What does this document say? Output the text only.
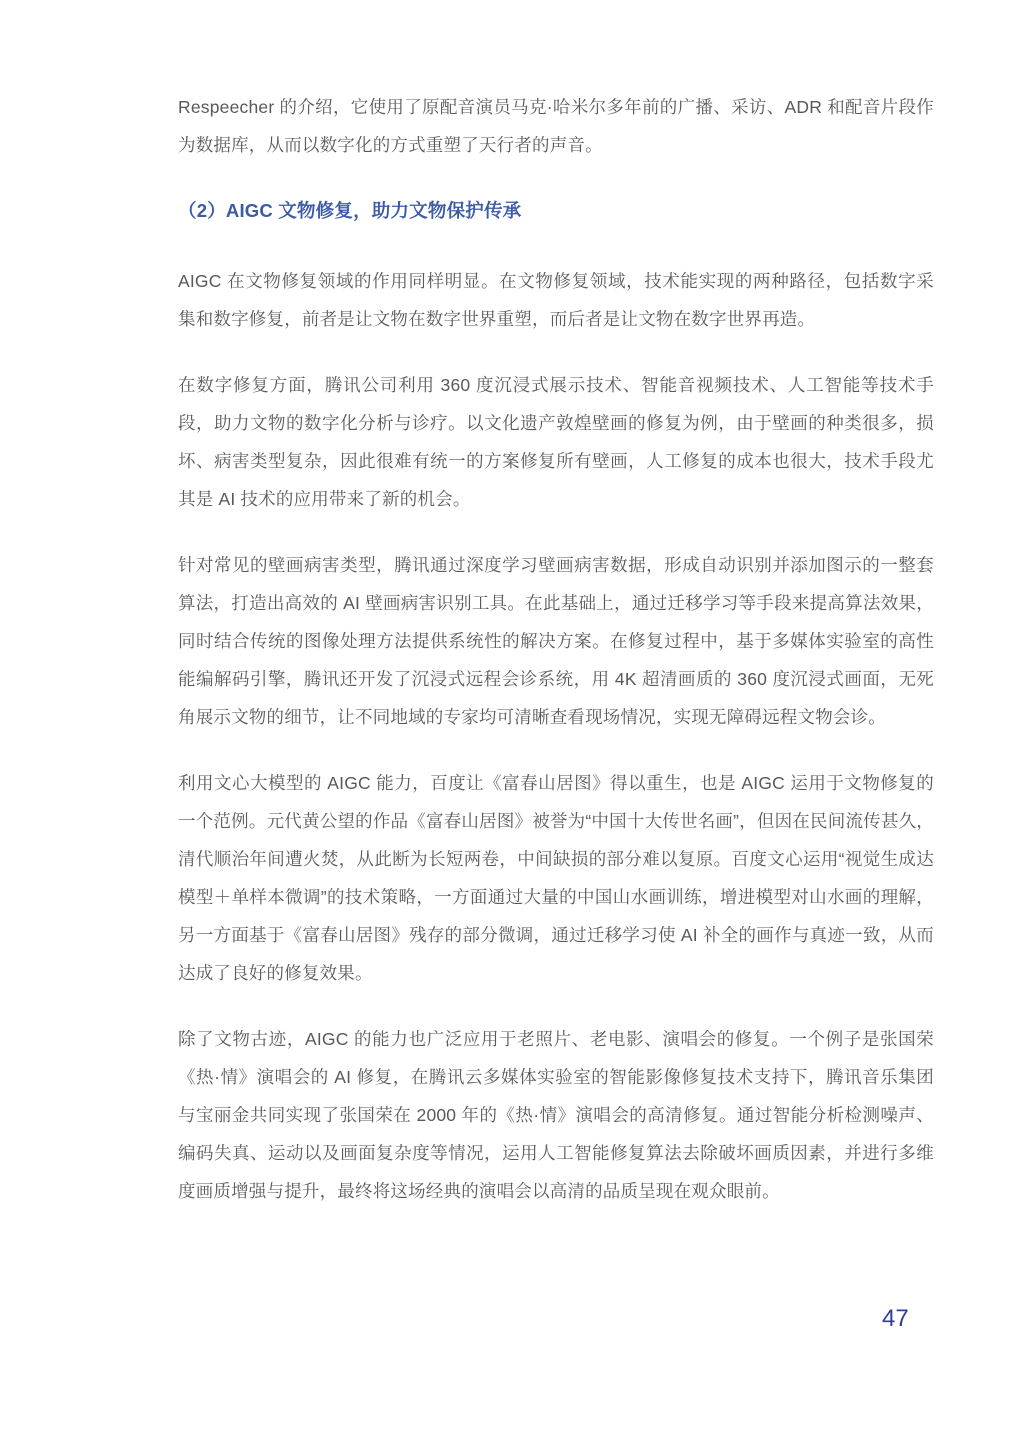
Respeecher 的介绍，它使用了原配音演员马克·哈米尔多年前的广播、采访、ADR 和配音片段作为数据库，从而以数字化的方式重塑了天行者的声音。

（2）AIGC 文物修复，助力文物保护传承

AIGC 在文物修复领域的作用同样明显。在文物修复领域，技术能实现的两种路径，包括数字采集和数字修复，前者是让文物在数字世界重塑，而后者是让文物在数字世界再造。

在数字修复方面，腾讯公司利用 360 度沉浸式展示技术、智能音视频技术、人工智能等技术手段，助力文物的数字化分析与诊疗。以文化遗产敦煌壁画的修复为例，由于壁画的种类很多，损坏、病害类型复杂，因此很难有统一的方案修复所有壁画，人工修复的成本也很大，技术手段尤其是 AI 技术的应用带来了新的机会。

针对常见的壁画病害类型，腾讯通过深度学习壁画病害数据，形成自动识别并添加图示的一整套算法，打造出高效的 AI 壁画病害识别工具。在此基础上，通过迁移学习等手段来提高算法效果，同时结合传统的图像处理方法提供系统性的解决方案。在修复过程中，基于多媒体实验室的高性能编解码引擎，腾讯还开发了沉浸式远程会诊系统，用 4K 超清画质的 360 度沉浸式画面，无死角展示文物的细节，让不同地域的专家均可清晰查看现场情况，实现无障碍远程文物会诊。

利用文心大模型的 AIGC 能力，百度让《富春山居图》得以重生，也是 AIGC 运用于文物修复的一个范例。元代黄公望的作品《富春山居图》被誉为“中国十大传世名画”，但因在民间流传甚久，清代顺治年间遭火焚，从此断为长短两卷，中间缺损的部分难以复原。百度文心运用“视觉生成达模型＋单样本微调”的技术策略，一方面通过大量的中国山水画训练，增进模型对山水画的理解，另一方面基于《富春山居图》残存的部分微调，通过迁移学习使 AI 补全的画作与真迹一致，从而达成了良好的修复效果。

除了文物古迹，AIGC 的能力也广泛应用于老照片、老电影、演唱会的修复。一个例子是张国荣《热·情》演唱会的 AI 修复，在腾讯云多媒体实验室的智能影像修复技术支持下，腾讯音乐集团与宝丽金共同实现了张国荣在 2000 年的《热·情》演唱会的高清修复。通过智能分析检测噪声、编码失真、运动以及画面复杂度等情况，运用人工智能修复算法去除破坏画质因素，并进行多维度画质增强与提升，最终将这场经典的演唱会以高清的品质呈现在观众眼前。

47
